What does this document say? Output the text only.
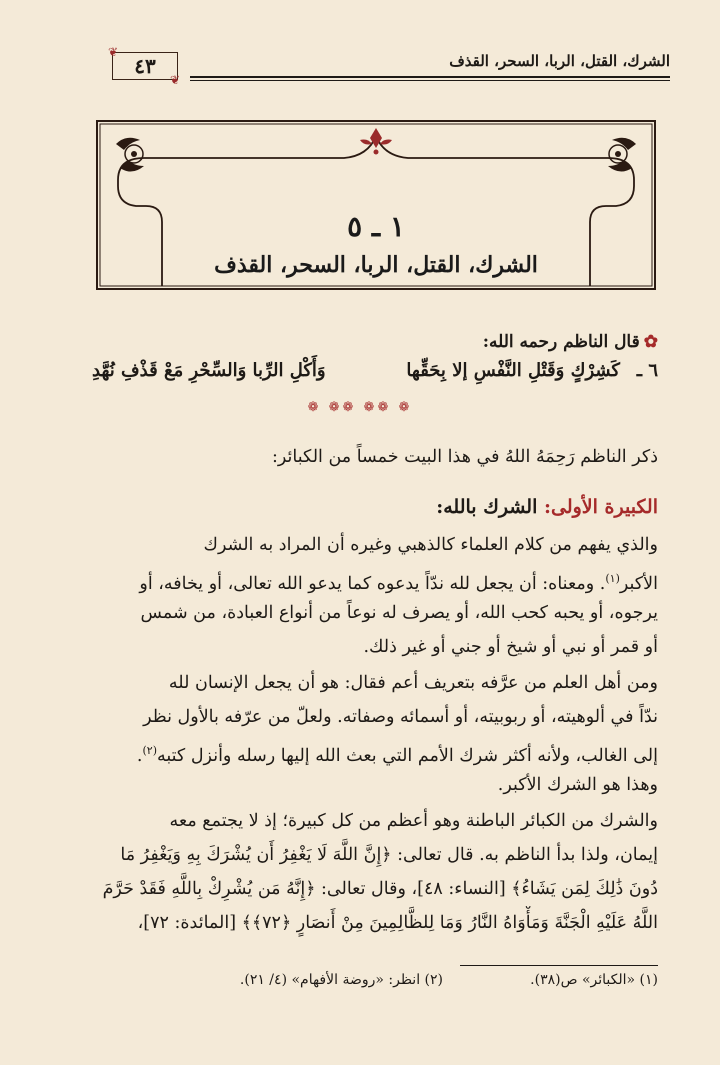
الشرك، القتل، الربا، السحر، القذف
٤٣
❦
❦
١ ـ ٥
الشرك، القتل، الربا، السحر، القذف
✿قال الناظم رحمه الله:
٦ ـ
كَشِرْكٍ وَقَتْلِ النَّفْسِ إلا بِحَقِّها
وَأَكْلِ الرِّبا وَالسِّحْرِ مَعْ قَذْفِ نُهَّدِ
❁ ❁❁ ❁❁ ❁
ذكر الناظم رَحِمَهُ اللهُ في هذا البيت خمساً من الكبائر:
الكبيرة الأولى: الشرك بالله:
والذي يفهم من كلام العلماء كالذهبي وغيره أن المراد به الشرك
الأكبر$^{(١)}$. ومعناه: أن يجعل لله ندّاً يدعوه كما يدعو الله تعالى، أو يخافه، أو
يرجوه، أو يحبه كحب الله، أو يصرف له نوعاً من أنواع العبادة، من شمس
أو قمر أو نبي أو شيخ أو جني أو غير ذلك.
ومن أهل العلم من عرَّفه بتعريف أعم فقال: هو أن يجعل الإنسان لله
ندّاً في ألوهيته، أو ربوبيته، أو أسمائه وصفاته. ولعلّ من عرّفه بالأول نظر
إلى الغالب، ولأنه أكثر شرك الأمم التي بعث الله إليها رسله وأنزل كتبه$^{(٢)}$.
وهذا هو الشرك الأكبر.
والشرك من الكبائر الباطنة وهو أعظم من كل كبيرة؛ إذ لا يجتمع معه
إيمان، ولذا بدأ الناظم به. قال تعالى: ﴿إِنَّ اللَّهَ لَا يَغْفِرُ أَن يُشْرَكَ بِهِ وَيَغْفِرُ مَا
دُونَ ذَٰلِكَ لِمَن يَشَاءُ﴾ [النساء: ٤٨]، وقال تعالى: ﴿إِنَّهُ مَن يُشْرِكْ بِاللَّهِ فَقَدْ حَرَّمَ
اللَّهُ عَلَيْهِ الْجَنَّةَ وَمَأْوَاهُ النَّارُ وَمَا لِلظَّالِمِينَ مِنْ أَنصَارٍ ﴿٧٢﴾﴾ [المائدة: ٧٢]،
(١) «الكبائر» ص(٣٨).
(٢) انظر: «روضة الأفهام» (٤/ ٢١).
